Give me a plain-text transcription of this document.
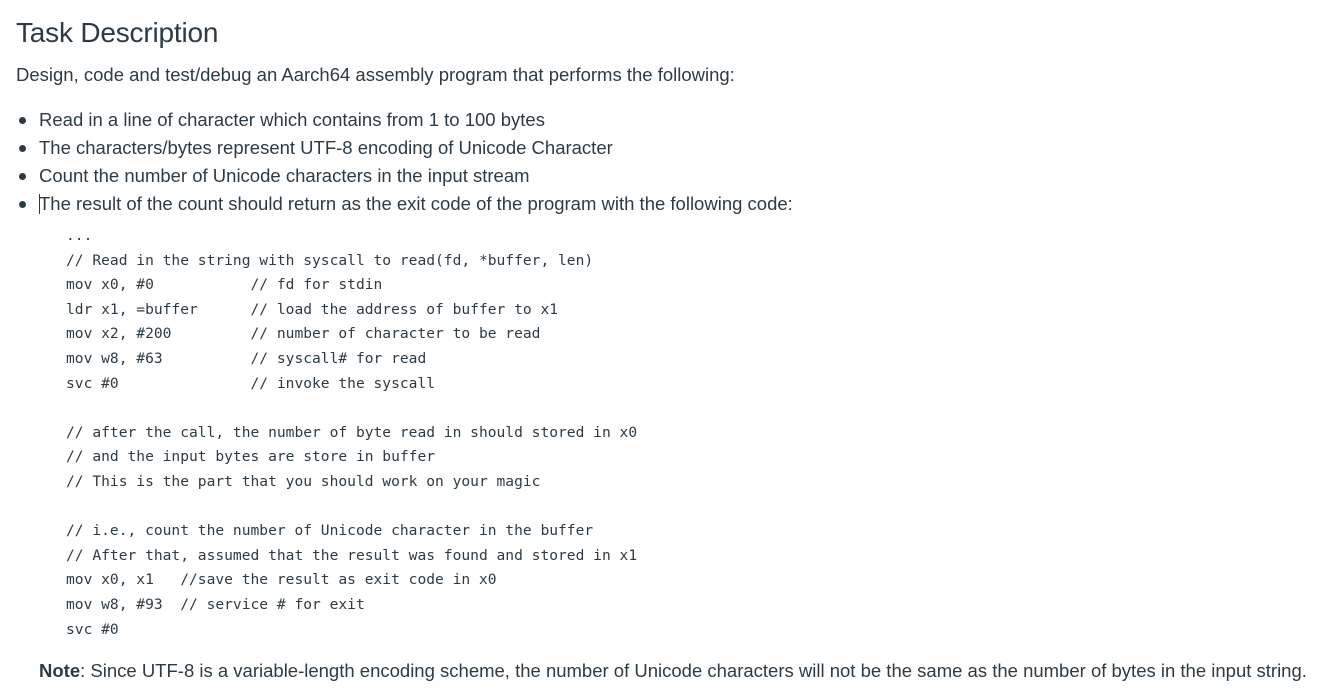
Task Description

Design, code and test/debug an Aarch64 assembly program that performs the following:

Read in a line of character which contains from 1 to 100 bytes
The characters/bytes represent UTF-8 encoding of Unicode Character
Count the number of Unicode characters in the input stream
The result of the count should return as the exit code of the program with the following code:
...
// Read in the string with syscall to read(fd, *buffer, len)
mov x0, #0           // fd for stdin
ldr x1, =buffer      // load the address of buffer to x1
mov x2, #200         // number of character to be read
mov w8, #63          // syscall# for read
svc #0               // invoke the syscall

// after the call, the number of byte read in should stored in x0
// and the input bytes are store in buffer
// This is the part that you should work on your magic

// i.e., count the number of Unicode character in the buffer
// After that, assumed that the result was found and stored in x1
mov x0, x1   //save the result as exit code in x0
mov w8, #93  // service # for exit
svc #0
Note: Since UTF-8 is a variable-length encoding scheme, the number of Unicode characters will not be the same as the number of bytes in the input string.
